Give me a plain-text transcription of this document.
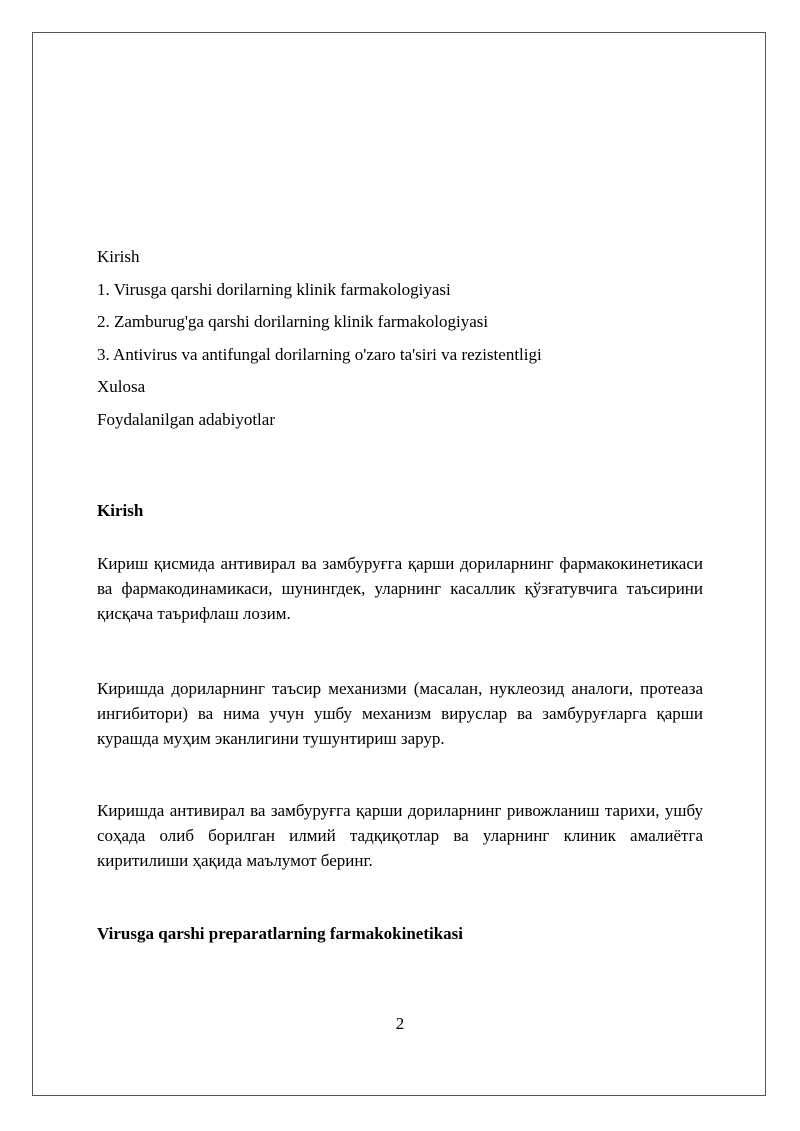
Kirish

1. Virusga qarshi dorilarning klinik farmakologiyasi

2. Zamburug'ga qarshi dorilarning klinik farmakologiyasi

3. Antivirus va antifungal dorilarning o'zaro ta'siri va rezistentligi

Xulosa

Foydalanilgan adabiyotlar

Kirish

Кириш қисмида антивирал ва замбуруғга қарши дориларнинг фармакокинетикаси ва фармакодинамикаси, шунингдек, уларнинг касаллик қўзғатувчига таъсирини қисқача таърифлаш лозим.

Киришда дориларнинг таъсир механизми (масалан, нуклеозид аналоги, протеаза ингибитори) ва нима учун ушбу механизм вируслар ва замбуруғларга қарши курашда муҳим эканлигини тушунтириш зарур.

Киришда антивирал ва замбуруғга қарши дориларнинг ривожланиш тарихи, ушбу соҳада олиб борилган илмий тадқиқотлар ва уларнинг клиник амалиётга киритилиши ҳақида маълумот беринг.

Virusga qarshi preparatlarning farmakokinetikasi
2
